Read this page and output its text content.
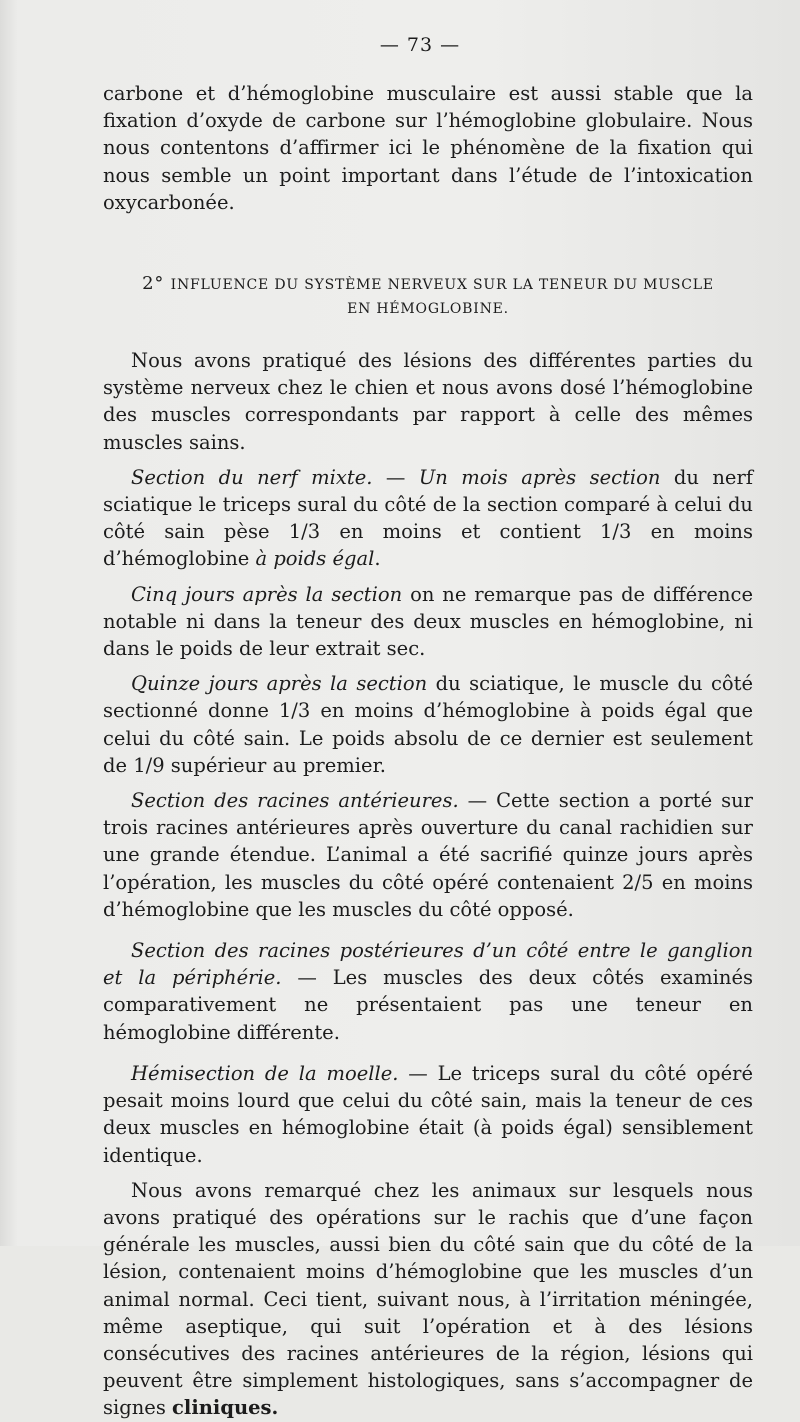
— 73 —

carbone et d’hémoglobine musculaire est aussi stable que la fixation d’oxyde de carbone sur l’hémoglobine globulaire. Nous nous contentons d’affirmer ici le phénomène de la fixation qui nous semble un point important dans l’étude de l’intoxication oxycarbonée.

2° INFLUENCE DU SYSTÈME NERVEUX SUR LA TENEUR DU MUSCLE
EN HÉMOGLOBINE.

Nous avons pratiqué des lésions des différentes parties du système nerveux chez le chien et nous avons dosé l’hémoglobine des muscles correspondants par rapport à celle des mêmes muscles sains.

Section du nerf mixte. — Un mois après section du nerf sciatique le triceps sural du côté de la section comparé à celui du côté sain pèse 1/3 en moins et contient 1/3 en moins d’hémoglobine à poids égal.

Cinq jours après la section on ne remarque pas de différence notable ni dans la teneur des deux muscles en hémoglobine, ni dans le poids de leur extrait sec.

Quinze jours après la section du sciatique, le muscle du côté sectionné donne 1/3 en moins d’hémoglobine à poids égal que celui du côté sain. Le poids absolu de ce dernier est seulement de 1/9 supérieur au premier.

Section des racines antérieures. — Cette section a porté sur trois racines antérieures après ouverture du canal rachidien sur une grande étendue. L’animal a été sacrifié quinze jours après l’opération, les muscles du côté opéré contenaient 2/5 en moins d’hémoglobine que les muscles du côté opposé.

Section des racines postérieures d’un côté entre le ganglion et la périphérie. — Les muscles des deux côtés examinés comparativement ne présentaient pas une teneur en hémoglobine différente.

Hémisection de la moelle. — Le triceps sural du côté opéré pesait moins lourd que celui du côté sain, mais la teneur de ces deux muscles en hémoglobine était (à poids égal) sensiblement identique.

Nous avons remarqué chez les animaux sur lesquels nous avons pratiqué des opérations sur le rachis que d’une façon générale les muscles, aussi bien du côté sain que du côté de la lésion, contenaient moins d’hémoglobine que les muscles d’un animal normal. Ceci tient, suivant nous, à l’irritation méningée, même aseptique, qui suit l’opération et à des lésions consécutives des racines antérieures de la région, lésions qui peuvent être simplement histologiques, sans s’accompagner de signes cliniques.
